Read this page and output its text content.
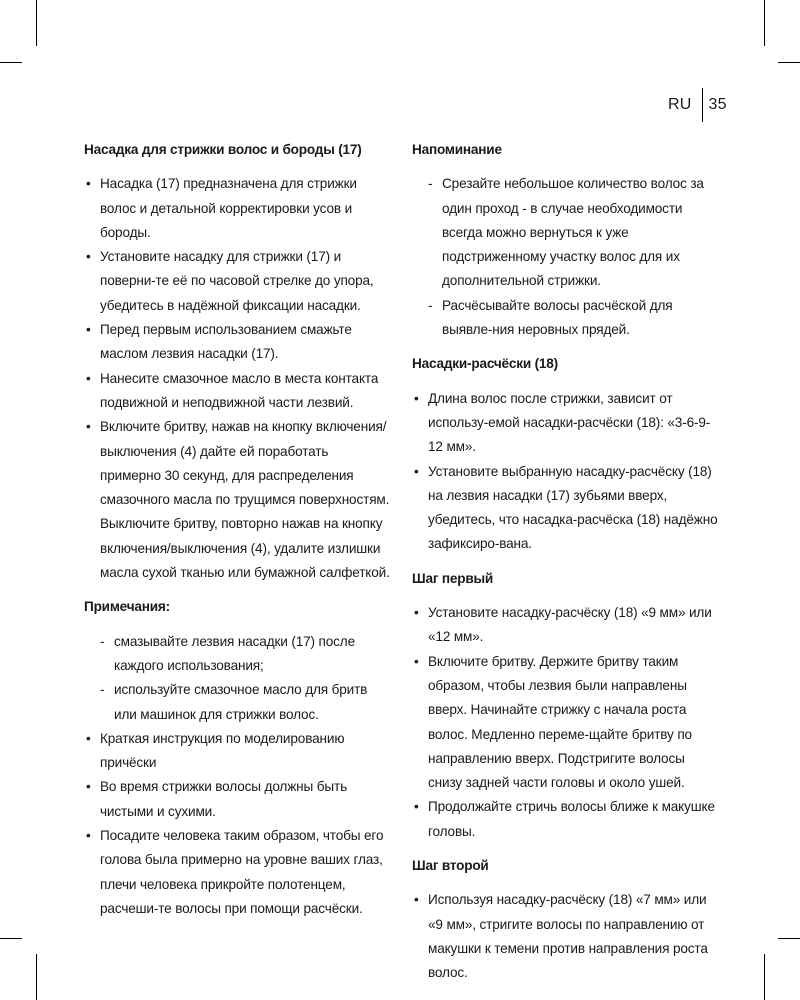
RU	35
Насадка для стрижки волос и бороды (17)
• Насадка (17) предназначена для стрижки волос и детальной корректировки усов и бороды.
• Установите насадку для стрижки (17) и поверни-те её по часовой стрелке до упора, убедитесь в надёжной фиксации насадки.
• Перед первым использованием смажьте маслом лезвия насадки (17).
• Нанесите смазочное масло в места контакта подвижной и неподвижной части лезвий.
• Включите бритву, нажав на кнопку включения/выключения (4) дайте ей поработать примерно 30 секунд, для распределения смазочного масла по трущимся поверхностям. Выключите бритву, повторно нажав на кнопку включения/выключения (4), удалите излишки масла сухой тканью или бумажной салфеткой.
Примечания:
- смазывайте лезвия насадки (17) после каждого использования;
- используйте смазочное масло для бритв или машинок для стрижки волос.
• Краткая инструкция по моделированию причёски
• Во время стрижки волосы должны быть чистыми и сухими.
• Посадите человека таким образом, чтобы его голова была примерно на уровне ваших глаз, плечи человека прикройте полотенцем, расчеши-те волосы при помощи расчёски.
Напоминание
- Срезайте небольшое количество волос за один проход - в случае необходимости всегда можно вернуться к уже подстриженному участку волос для их дополнительной стрижки.
- Расчёсывайте волосы расчёской для выявле-ния неровных прядей.
Насадки-расчёски (18)
• Длина волос после стрижки, зависит от использу-емой насадки-расчёски (18): «3-6-9-12 мм».
• Установите выбранную насадку-расчёску (18) на лезвия насадки (17) зубьями вверх, убедитесь, что насадка-расчёска (18) надёжно зафиксиро-вана.
Шаг первый
• Установите насадку-расчёску (18) «9 мм» или «12 мм».
• Включите бритву. Держите бритву таким образом, чтобы лезвия были направлены вверх. Начинайте стрижку с начала роста волос. Медленно переме-щайте бритву по направлению вверх. Подстригите волосы снизу задней части головы и около ушей.
• Продолжайте стричь волосы ближе к макушке головы.
Шаг второй
• Используя насадку-расчёску (18) «7 мм» или «9 мм», стригите волосы по направлению от макушки к темени против направления роста волос.
